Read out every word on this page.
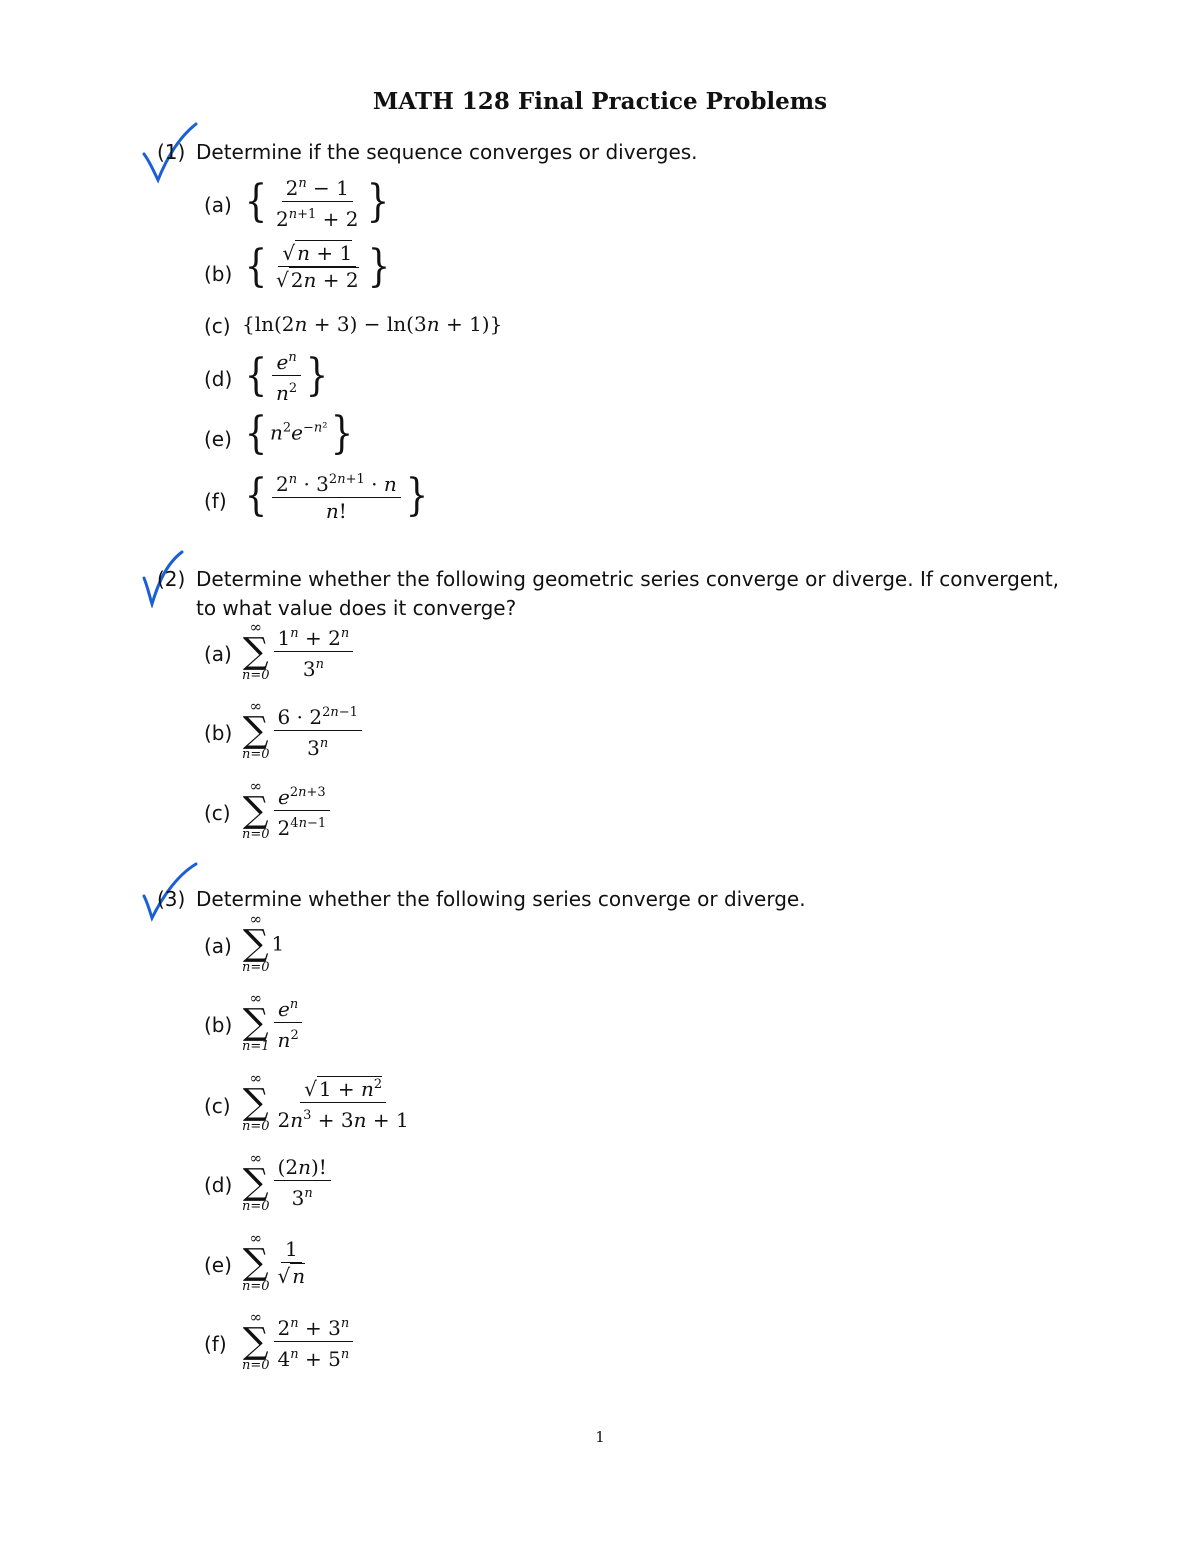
MATH 128 Final Practice Problems
(1) Determine if the sequence converges or diverges.
(a) { $\frac{2^n - 1}{2^{n+1} + 2}$ }
(b) { $\frac{√ n + 1}{√ 2n + 2}$ }
(c) {ln(2n + 3) − ln(3n + 1)}
(d) { $\frac{e^n}{n^2}$ }
(e) { $n^2e^{-n^2}$}
(f) { $\frac{2^n \cdot 3^{2n+1} \cdot n}{n!}$ }
(2) Determine whether the following geometric series converge or diverge. If convergent,
to what value does it converge?
(a)
∞
∑
$n=0 \frac{1^n + 2^n}{3^n}$
(b)
∞
∑
$n=0 \frac{6 \cdot 2^{2n-1}}{3^n}$
(c)
∞
∑
$n=0 \frac{e^{2n+3}}{2^{4n-1}}$
(3) Determine whether the following series converge or diverge.
(a)
∞
∑
n=0
1
(b)
∞
∑
$n=1 \frac{e^n}{n^2}$
(c)
∞
∑
$n=0 \frac{√ 1 + n^2}{2n^3 + 3n + 1}$
(d)
∞
∑
$n=0 \frac{(2n)!}{3^n}$
(e)
∞
∑
$n=0 \frac{1}{√ n}$
(f)
∞
∑
$n=0 \frac{2^n + 3^n}{4^n + 5^n}$
1
